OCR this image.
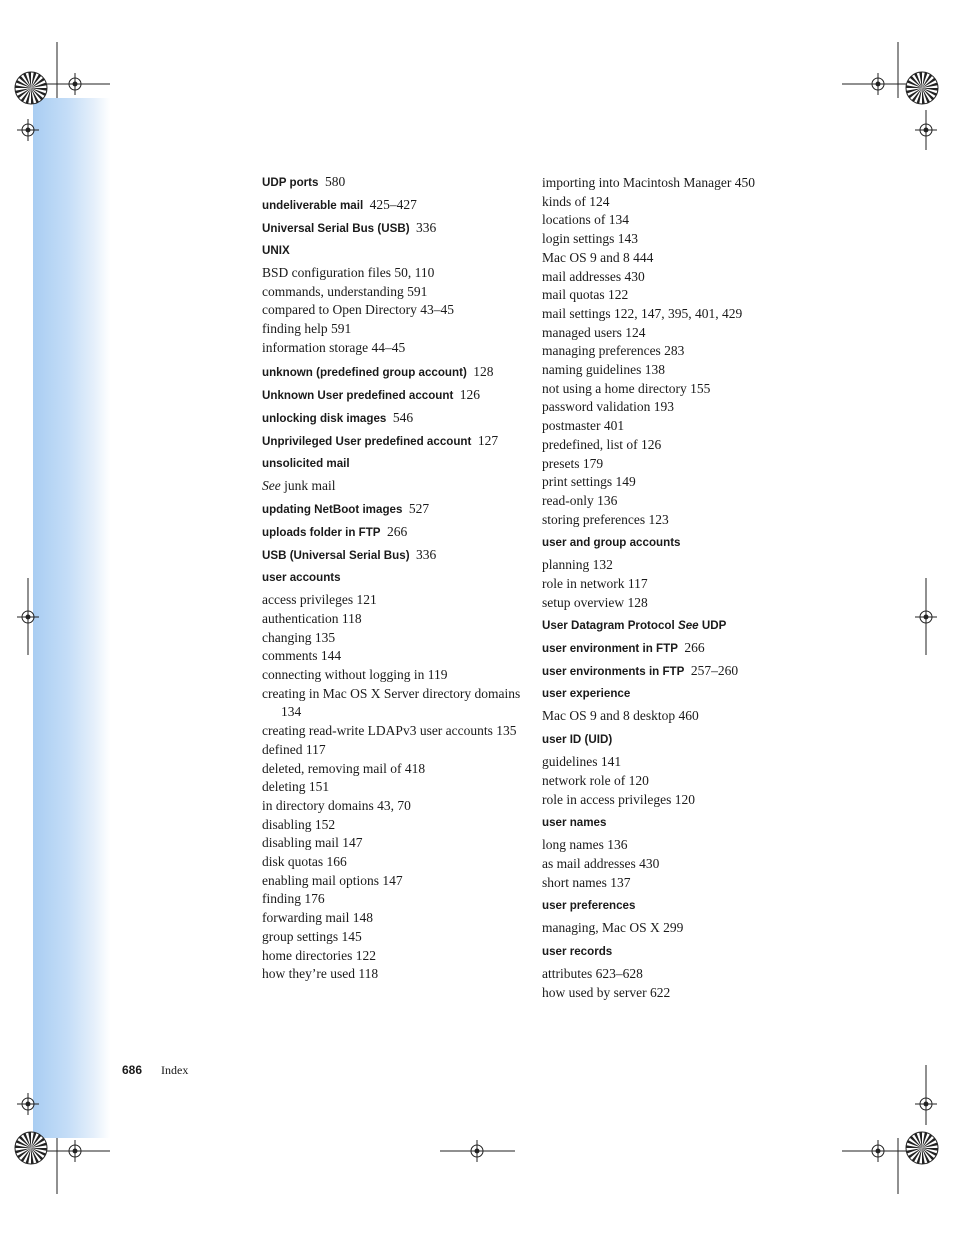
UDP ports 580
undeliverable mail 425–427
Universal Serial Bus (USB) 336
UNIX
BSD configuration files 50, 110
commands, understanding 591
compared to Open Directory 43–45
finding help 591
information storage 44–45
unknown (predefined group account) 128
Unknown User predefined account 126
unlocking disk images 546
Unprivileged User predefined account 127
unsolicited mail
See junk mail
updating NetBoot images 527
uploads folder in FTP 266
USB (Universal Serial Bus) 336
user accounts
access privileges 121
authentication 118
changing 135
comments 144
connecting without logging in 119
creating in Mac OS X Server directory domains 134
creating read-write LDAPv3 user accounts 135
defined 117
deleted, removing mail of 418
deleting 151
in directory domains 43, 70
disabling 152
disabling mail 147
disk quotas 166
enabling mail options 147
finding 176
forwarding mail 148
group settings 145
home directories 122
how they’re used 118
importing into Macintosh Manager 450
kinds of 124
locations of 134
login settings 143
Mac OS 9 and 8 444
mail addresses 430
mail quotas 122
mail settings 122, 147, 395, 401, 429
managed users 124
managing preferences 283
naming guidelines 138
not using a home directory 155
password validation 193
postmaster 401
predefined, list of 126
presets 179
print settings 149
read-only 136
storing preferences 123
user and group accounts
planning 132
role in network 117
setup overview 128
User Datagram Protocol See UDP
user environment in FTP 266
user environments in FTP 257–260
user experience
Mac OS 9 and 8 desktop 460
user ID (UID)
guidelines 141
network role of 120
role in access privileges 120
user names
long names 136
as mail addresses 430
short names 137
user preferences
managing, Mac OS X 299
user records
attributes 623–628
how used by server 622
686 Index
